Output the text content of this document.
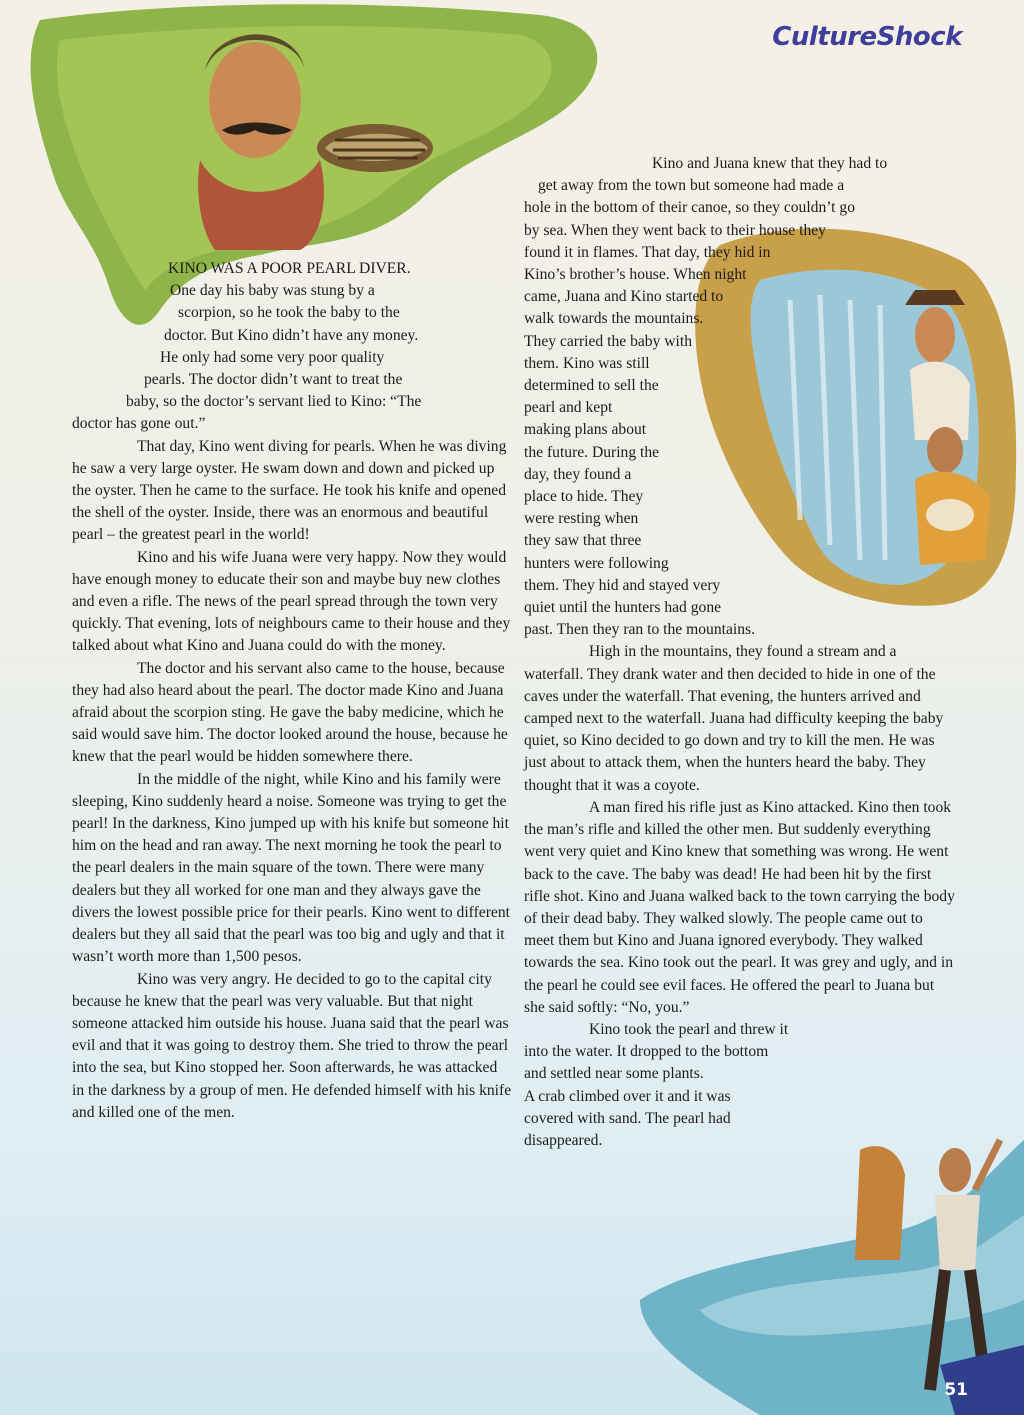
CultureShock
KINO WAS A POOR PEARL DIVER.
One day his baby was stung by a
scorpion, so he took the baby to the
doctor. But Kino didn’t have any money.
He only had some very poor quality
pearls. The doctor didn’t want to treat the
baby, so the doctor’s servant lied to Kino: “The
doctor has gone out.”

That day, Kino went diving for pearls. When he was diving he saw a very large oyster. He swam down and down and picked up the oyster. Then he came to the surface. He took his knife and opened the shell of the oyster. Inside, there was an enormous and beautiful pearl – the greatest pearl in the world!

Kino and his wife Juana were very happy. Now they would have enough money to educate their son and maybe buy new clothes and even a rifle. The news of the pearl spread through the town very quickly. That evening, lots of neighbours came to their house and they talked about what Kino and Juana could do with the money.

The doctor and his servant also came to the house, because they had also heard about the pearl. The doctor made Kino and Juana afraid about the scorpion sting. He gave the baby medicine, which he said would save him. The doctor looked around the house, because he knew that the pearl would be hidden somewhere there.

In the middle of the night, while Kino and his family were sleeping, Kino suddenly heard a noise. Someone was trying to get the pearl! In the darkness, Kino jumped up with his knife but someone hit him on the head and ran away. The next morning he took the pearl to the pearl dealers in the main square of the town. There were many dealers but they all worked for one man and they always gave the divers the lowest possible price for their pearls. Kino went to different dealers but they all said that the pearl was too big and ugly and that it wasn’t worth more than 1,500 pesos.

Kino was very angry. He decided to go to the capital city because he knew that the pearl was very valuable. But that night someone attacked him outside his house. Juana said that the pearl was evil and that it was going to destroy them. She tried to throw the pearl into the sea, but Kino stopped her. Soon afterwards, he was attacked in the darkness by a group of men. He defended himself with his knife and killed one of the men.

Kino and Juana knew that they had to
get away from the town but someone had made a
hole in the bottom of their canoe, so they couldn’t go
by sea. When they went back to their house they
found it in flames. That day, they hid in
Kino’s brother’s house. When night
came, Juana and Kino started to
walk towards the mountains.
They carried the baby with
them. Kino was still
determined to sell the
pearl and kept
making plans about
the future. During the
day, they found a
place to hide. They
were resting when
they saw that three
hunters were following
them. They hid and stayed very
quiet until the hunters had gone
past. Then they ran to the mountains.

High in the mountains, they found a stream and a waterfall. They drank water and then decided to hide in one of the caves under the waterfall. That evening, the hunters arrived and camped next to the waterfall. Juana had difficulty keeping the baby quiet, so Kino decided to go down and try to kill the men. He was just about to attack them, when the hunters heard the baby. They thought that it was a coyote.

A man fired his rifle just as Kino attacked. Kino then took the man’s rifle and killed the other men. But suddenly everything went very quiet and Kino knew that something was wrong. He went back to the cave. The baby was dead! He had been hit by the first rifle shot. Kino and Juana walked back to the town carrying the body of their dead baby. They walked slowly. The people came out to meet them but Kino and Juana ignored everybody. They walked towards the sea. Kino took out the pearl. It was grey and ugly, and in the pearl he could see evil faces. He offered the pearl to Juana but she said softly: “No, you.”

Kino took the pearl and threw it
into the water. It dropped to the bottom
and settled near some plants.
A crab climbed over it and it was
covered with sand. The pearl had
disappeared.
51
